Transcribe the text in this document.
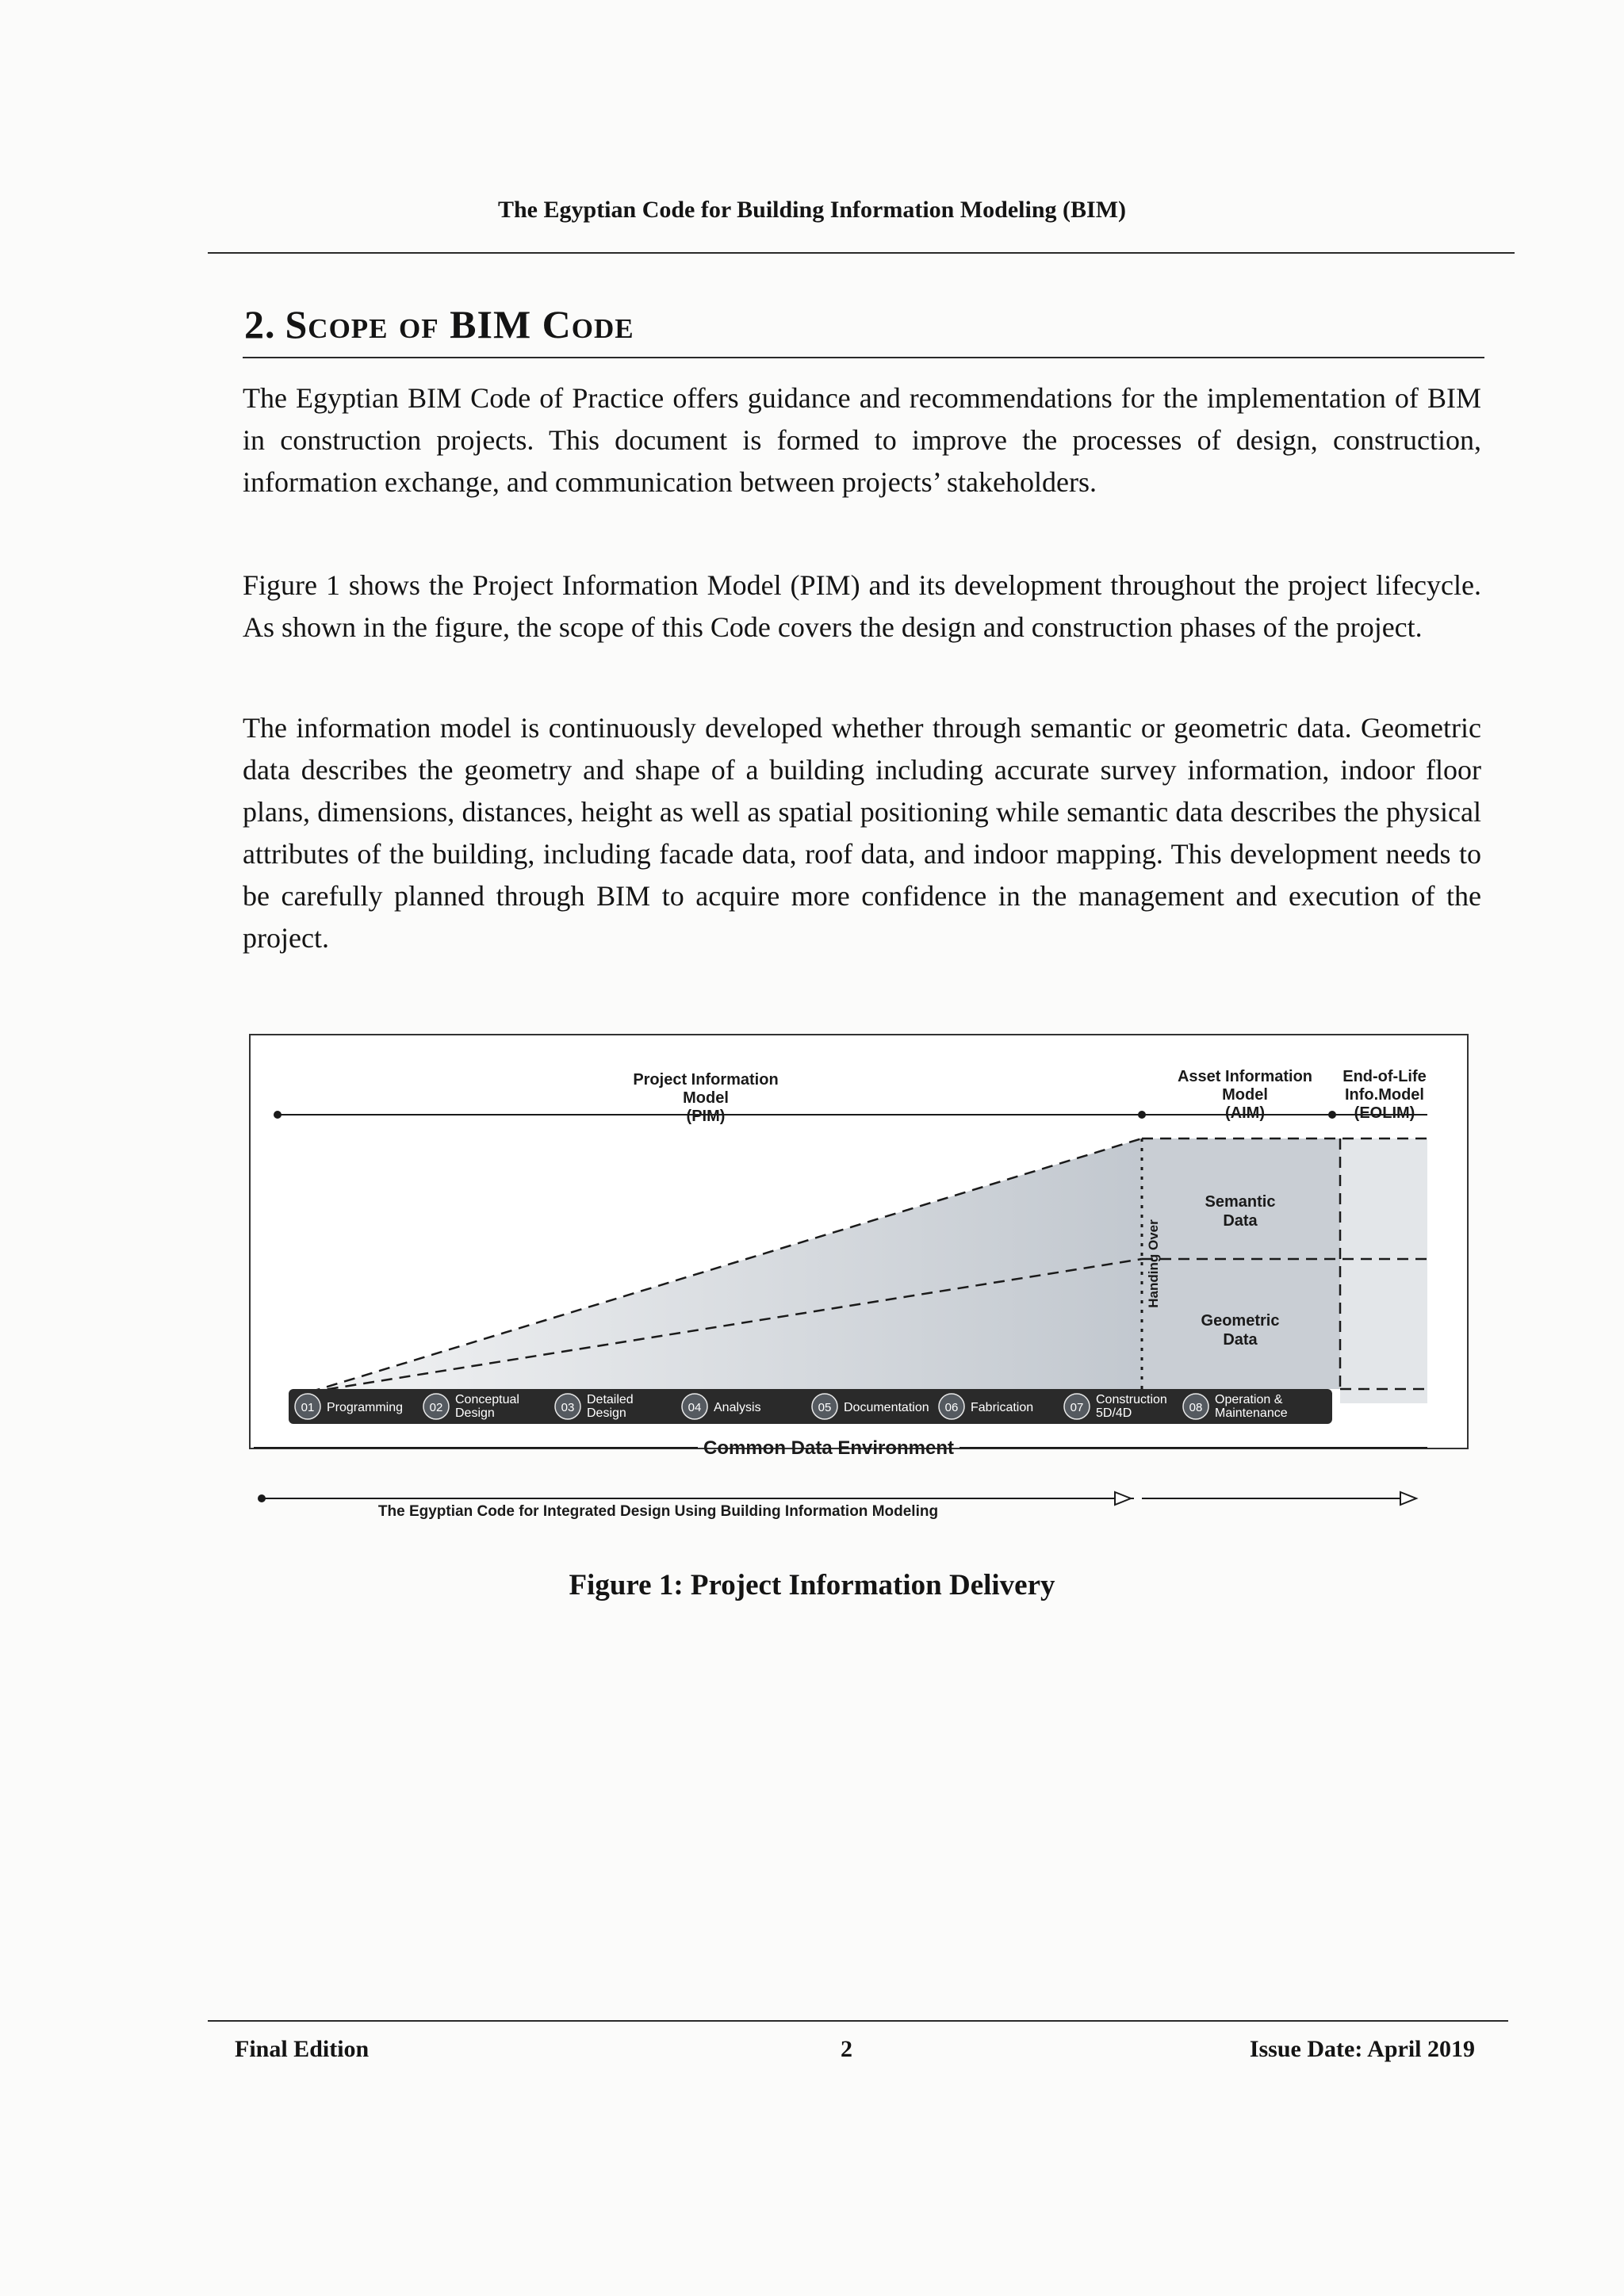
The Egyptian Code for Building Information Modeling (BIM)
2. Scope of BIM Code
The Egyptian BIM Code of Practice offers guidance and recommendations for the implementation of BIM in construction projects. This document is formed to improve the processes of design, construction, information exchange, and communication between projects’ stakeholders.
Figure 1 shows the Project Information Model (PIM) and its development throughout the project lifecycle. As shown in the figure, the scope of this Code covers the design and construction phases of the project.
The information model is continuously developed whether through semantic or geometric data. Geometric data describes the geometry and shape of a building including accurate survey information, indoor floor plans, dimensions, distances, height as well as spatial positioning while semantic data describes the physical attributes of the building, including facade data, roof data, and indoor mapping. This development needs to be carefully planned through BIM to acquire more confidence in the management and execution of the project.
Project Information
Model
(PIM)
Asset Information
Model
(AIM)
End-of-Life
Info.Model
(EOLIM)
Semantic
Data
Geometric
Data
Handing Over
01 Programming 02
Conceptual
Design	03
Detailed
Design	04 Analysis	05 Documentation 06 Fabrication	07
Construction
5D/4D	08
Operation &
Maintenance
Common Data Environment
The Egyptian Code for Integrated Design Using Building Information Modeling
Figure 1: Project Information Delivery
Final Edition	2	Issue Date: April 2019
